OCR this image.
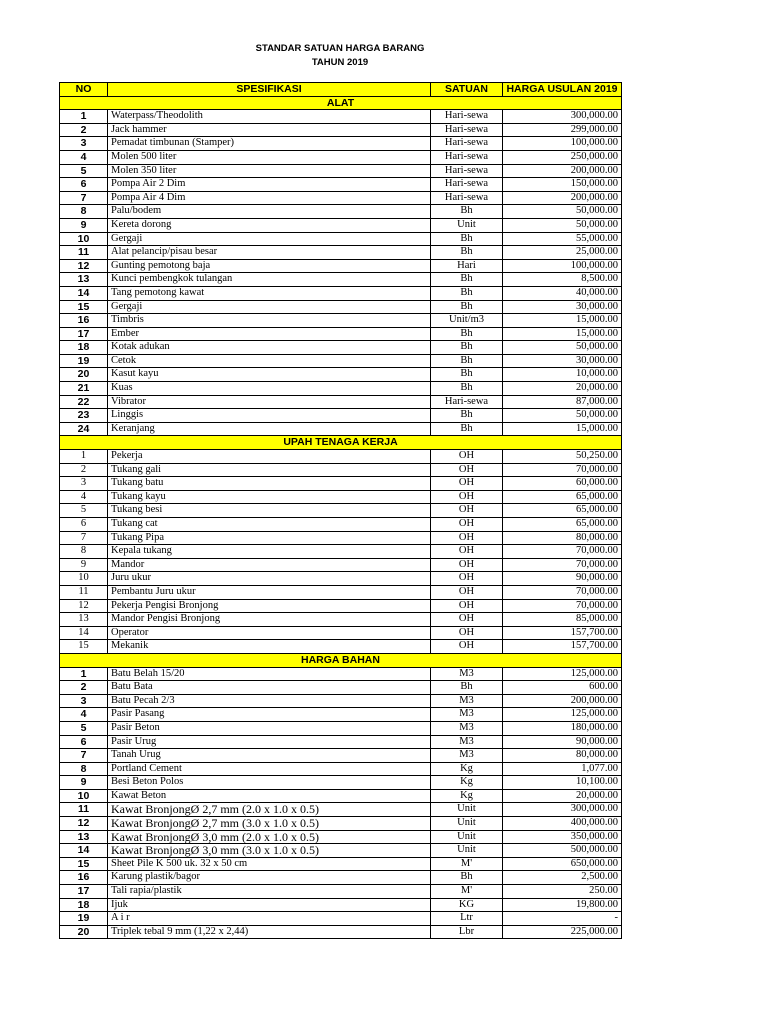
STANDAR SATUAN HARGA BARANG
TAHUN 2019
NO	SPESIFIKASI	SATUAN	HARGA USULAN 2019
ALAT			
1	Waterpass/Theodolith	Hari-sewa	300,000.00
2	Jack hammer	Hari-sewa	299,000.00
3	Pemadat timbunan (Stamper)	Hari-sewa	100,000.00
4	Molen 500 liter	Hari-sewa	250,000.00
5	Molen 350 liter	Hari-sewa	200,000.00
6	Pompa Air 2 Dim	Hari-sewa	150,000.00
7	Pompa Air 4 Dim	Hari-sewa	200,000.00
8	Palu/bodem	Bh	50,000.00
9	Kereta dorong	Unit	50,000.00
10	Gergaji	Bh	55,000.00
11	Alat pelancip/pisau besar	Bh	25,000.00
12	Gunting pemotong baja	Hari	100,000.00
13	Kunci pembengkok tulangan	Bh	8,500.00
14	Tang pemotong kawat	Bh	40,000.00
15	Gergaji	Bh	30,000.00
16	Timbris	Unit/m3	15,000.00
17	Ember	Bh	15,000.00
18	Kotak adukan	Bh	50,000.00
19	Cetok	Bh	30,000.00
20	Kasut kayu	Bh	10,000.00
21	Kuas	Bh	20,000.00
22	Vibrator	Hari-sewa	87,000.00
23	Linggis	Bh	50,000.00
24	Keranjang	Bh	15,000.00
UPAH TENAGA KERJA			
1	Pekerja	OH	50,250.00
2	Tukang gali	OH	70,000.00
3	Tukang batu	OH	60,000.00
4	Tukang kayu	OH	65,000.00
5	Tukang besi	OH	65,000.00
6	Tukang cat	OH	65,000.00
7	Tukang Pipa	OH	80,000.00
8	Kepala tukang	OH	70,000.00
9	Mandor	OH	70,000.00
10	Juru ukur	OH	90,000.00
11	Pembantu Juru ukur	OH	70,000.00
12	Pekerja Pengisi Bronjong	OH	70,000.00
13	Mandor Pengisi Bronjong	OH	85,000.00
14	Operator	OH	157,700.00
15	Mekanik	OH	157,700.00
HARGA BAHAN			
1	Batu Belah 15/20	M3	125,000.00
2	Batu Bata	Bh	600.00
3	Batu Pecah 2/3	M3	200,000.00
4	Pasir Pasang	M3	125,000.00
5	Pasir Beton	M3	180,000.00
6	Pasir Urug	M3	90,000.00
7	Tanah Urug	M3	80,000.00
8	Portland Cement	Kg	1,077.00
9	Besi Beton Polos	Kg	10,100.00
10	Kawat Beton	Kg	20,000.00
11	Kawat BronjongØ 2,7 mm (2.0 x 1.0 x 0.5)	Unit	300,000.00
12	Kawat BronjongØ 2,7 mm (3.0 x 1.0 x 0.5)	Unit	400,000.00
13	Kawat BronjongØ 3,0 mm (2.0 x 1.0 x 0.5)	Unit	350,000.00
14	Kawat BronjongØ 3,0 mm (3.0 x 1.0 x 0.5)	Unit	500,000.00
15	Sheet Pile K 500 uk. 32 x 50 cm	M'	650,000.00
16	Karung plastik/bagor	Bh	2,500.00
17	Tali rapia/plastik	M'	250.00
18	Ijuk	KG	19,800.00
19	A i r	Ltr	-
20	Triplek tebal 9 mm (1,22 x 2,44)	Lbr	225,000.00
